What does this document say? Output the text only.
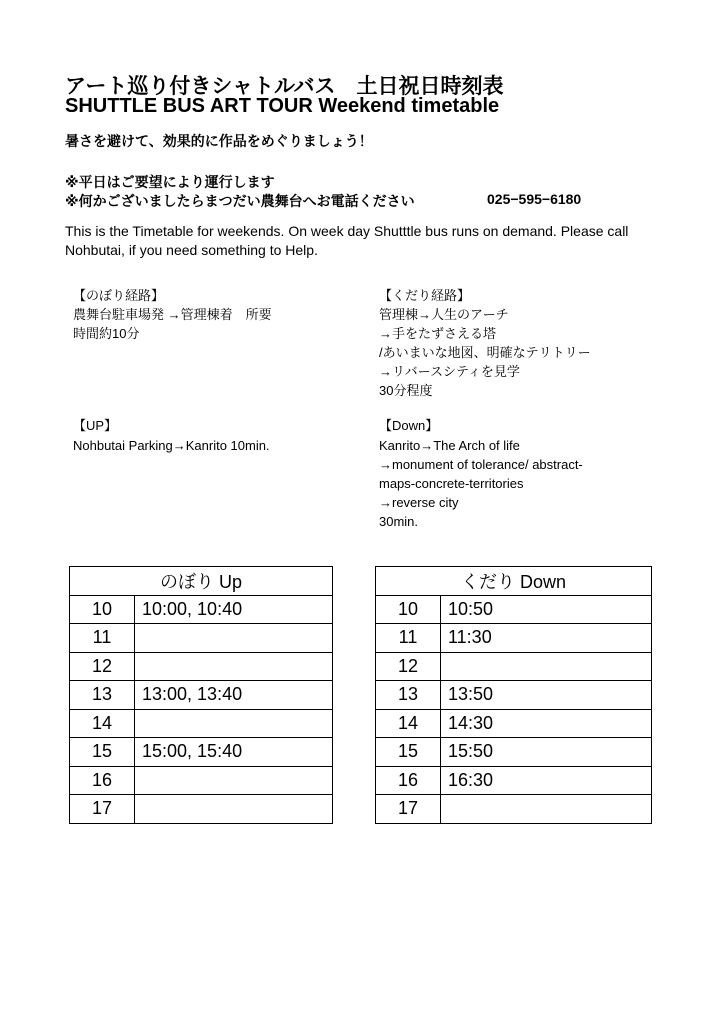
アート巡り付きシャトルバス　土日祝日時刻表
SHUTTLE BUS ART TOUR Weekend timetable
暑さを避けて、効果的に作品をめぐりましょう！
※平日はご要望により運行します
※何かございましたらまつだい農舞台へお電話ください	025−595−6180

This is the Timetable for weekends. On week day Shutttle bus runs on demand. Please call Nohbutai, if you need something to Help.

【のぼり経路】
農舞台駐車場発 →管理棟着　所要
時間約10分
【くだり経路】
管理棟→人生のアーチ
→手をたずさえる塔
/あいまいな地図、明確なテリトリー
→リバースシティを見学
30分程度
【UP】
Nohbutai Parking→Kanrito 10min.
【Down】
Kanrito→The Arch of life
→monument of tolerance/ abstract-
maps-concrete-territories
→reverse city
30min.
のぼり Up	
10	10:00, 10:40
11	
12	
13	13:00, 13:40
14	
15	15:00, 15:40
16	
17	
くだり Down	
10	10:50
11	11:30
12	
13	13:50
14	14:30
15	15:50
16	16:30
17	
